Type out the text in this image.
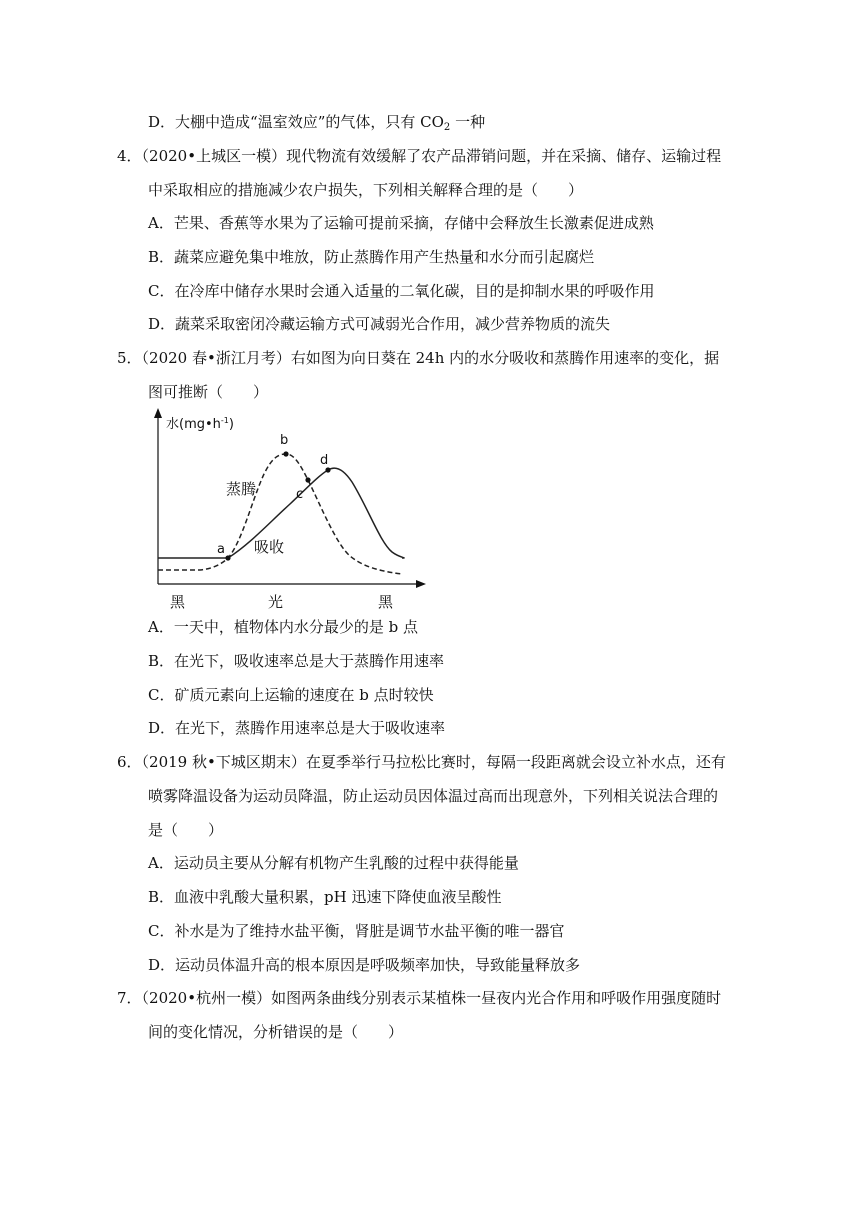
D．大棚中造成“温室效应”的气体，只有 $CO_2$ 一种
4．（2020•上城区一模）现代物流有效缓解了农产品滞销问题，并在采摘、储存、运输过程
中采取相应的措施减少农户损失，下列相关解释合理的是（　　）
A．芒果、香蕉等水果为了运输可提前采摘，存储中会释放生长激素促进成熟
B．蔬菜应避免集中堆放，防止蒸腾作用产生热量和水分而引起腐烂
C．在冷库中储存水果时会通入适量的二氧化碳，目的是抑制水果的呼吸作用
D．蔬菜采取密闭冷藏运输方式可减弱光合作用，减少营养物质的流失
5．（2020 春•浙江月考）右如图为向日葵在 24h 内的水分吸收和蒸腾作用速率的变化，据
图可推断（　　）
水$(mg•h^{-1})$
a
b
c
d
蒸腾
吸收
黑	光	黑
A．一天中，植物体内水分最少的是 b 点
B．在光下，吸收速率总是大于蒸腾作用速率
C．矿质元素向上运输的速度在 b 点时较快
D．在光下，蒸腾作用速率总是大于吸收速率
6．（2019 秋•下城区期末）在夏季举行马拉松比赛时，每隔一段距离就会设立补水点，还有
喷雾降温设备为运动员降温，防止运动员因体温过高而出现意外，下列相关说法合理的
是（　　）
A．运动员主要从分解有机物产生乳酸的过程中获得能量
B．血液中乳酸大量积累，pH 迅速下降使血液呈酸性
C．补水是为了维持水盐平衡，肾脏是调节水盐平衡的唯一器官
D．运动员体温升高的根本原因是呼吸频率加快，导致能量释放多
7．（2020•杭州一模）如图两条曲线分别表示某植株一昼夜内光合作用和呼吸作用强度随时
间的变化情况，分析错误的是（　　）
